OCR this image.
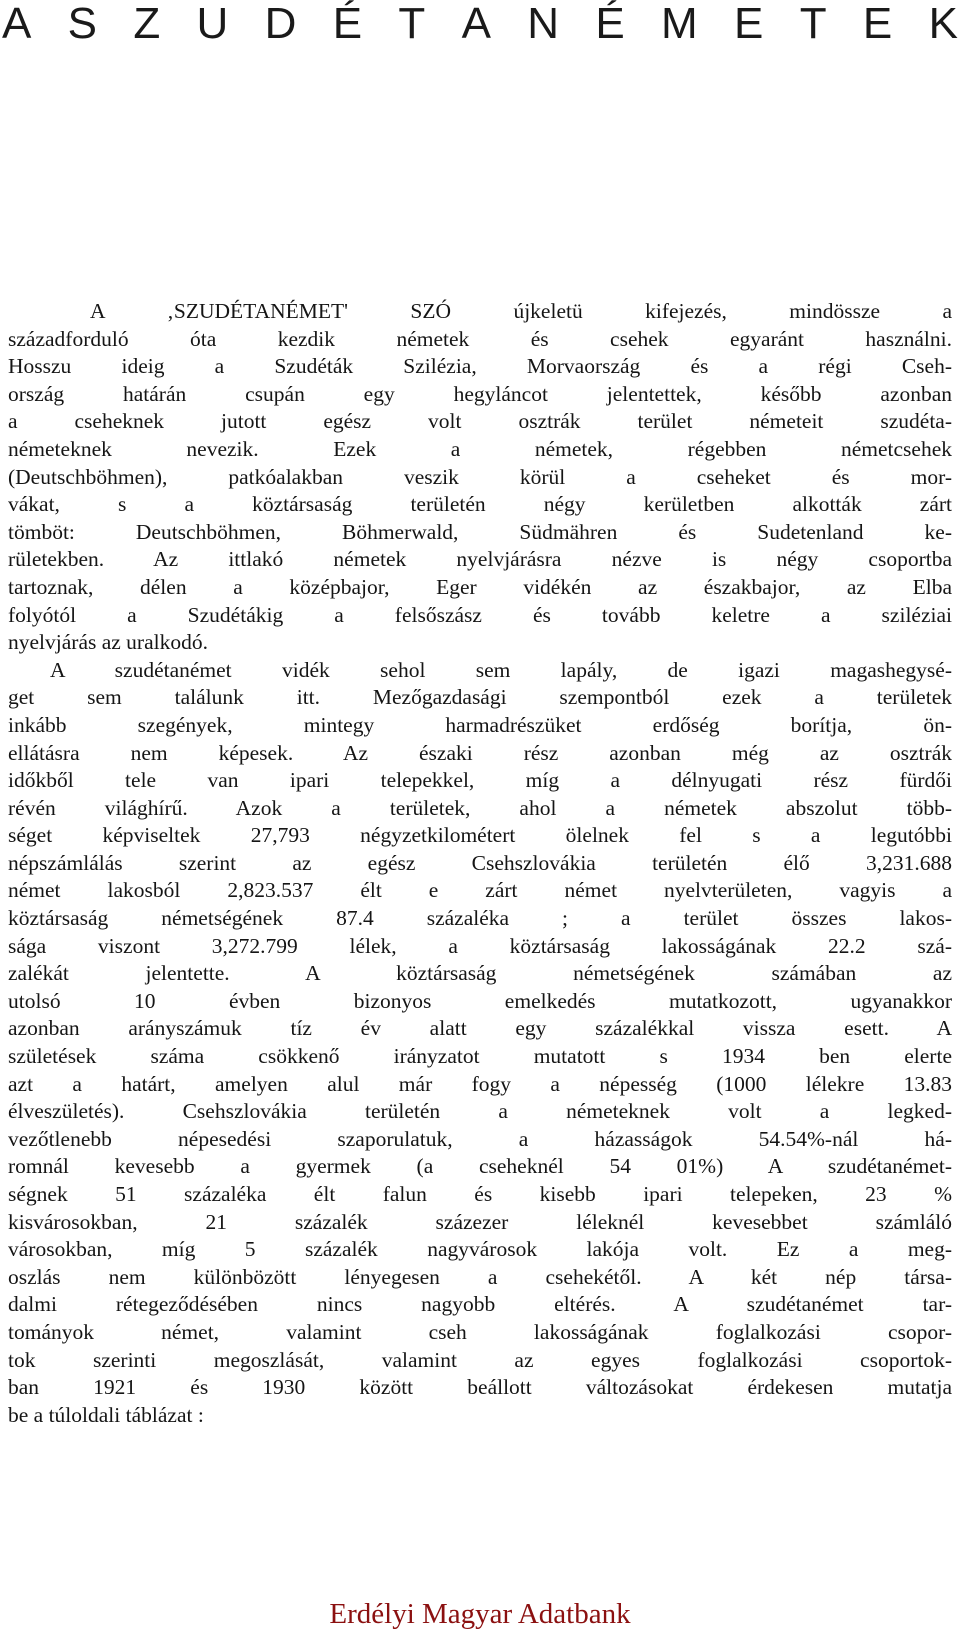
A S Z U D É T A N É M E T E K
A ‚SZUDÉTANÉMET' SZÓ újkeletü kifejezés, mindössze a
századforduló óta kezdik németek és csehek egyaránt használni.
Hosszu ideig a Szudéták Szilézia, Morvaország és a régi Cseh-
ország határán csupán egy hegyláncot jelentettek, később azonban
a cseheknek jutott egész volt osztrák terület németeit szudéta-
németeknek nevezik. Ezek a németek, régebben németcsehek
(Deutschböhmen), patkóalakban veszik körül a cseheket és mor-
vákat, s a köztársaság területén négy kerületben alkották zárt
tömböt: Deutschböhmen, Böhmerwald, Südmähren és Sudetenland ke-
rületekben. Az ittlakó németek nyelvjárásra nézve is négy csoportba
tartoznak, délen a középbajor, Eger vidékén az északbajor, az Elba
folyótól a Szudétákig a felsőszász és tovább keletre a sziléziai
nyelvjárás az uralkodó.
A szudétanémet vidék sehol sem lapály, de igazi magashegysé-
get sem találunk itt. Mezőgazdasági szempontból ezek a területek
inkább szegények, mintegy harmadrészüket erdőség borítja, ön-
ellátásra nem képesek. Az északi rész azonban még az osztrák
időkből tele van ipari telepekkel, míg a délnyugati rész fürdői
révén világhírű. Azok a területek, ahol a németek abszolut több-
séget képviseltek 27,793 négyzetkilométert ölelnek fel s a legutóbbi
népszámlálás szerint az egész Csehszlovákia területén élő 3,231.688
német lakosból 2,823.537 élt e zárt német nyelvterületen, vagyis a
köztársaság németségének 87.4 százaléka ; a terület összes lakos-
sága viszont 3,272.799 lélek, a köztársaság lakosságának 22.2 szá-
zalékát jelentette. A köztársaság németségének számában az
utolsó 10 évben bizonyos emelkedés mutatkozott, ugyanakkor
azonban arányszámuk tíz év alatt egy százalékkal vissza esett. A
születések száma csökkenő irányzatot mutatott s 1934 ben elerte
azt a határt, amelyen alul már fogy a népesség (1000 lélekre 13.83
élveszületés). Csehszlovákia területén a németeknek volt a legked-
vezőtlenebb népesedési szaporulatuk, a házasságok 54.54%-nál há-
romnál kevesebb a gyermek (a cseheknél 54 01%) A szudétanémet-
ségnek 51 százaléka élt falun és kisebb ipari telepeken, 23 %
kisvárosokban, 21 százalék százezer léleknél kevesebbet számláló
városokban, míg 5 százalék nagyvárosok lakója volt. Ez a meg-
oszlás nem különbözött lényegesen a csehekétől. A két nép társa-
dalmi rétegeződésében nincs nagyobb eltérés. A szudétanémet tar-
tományok német, valamint cseh lakosságának foglalkozási csopor-
tok szerinti megoszlását, valamint az egyes foglalkozási csoportok-
ban 1921 és 1930 között beállott változásokat érdekesen mutatja
be a túloldali táblázat :
Erdélyi Magyar Adatbank
